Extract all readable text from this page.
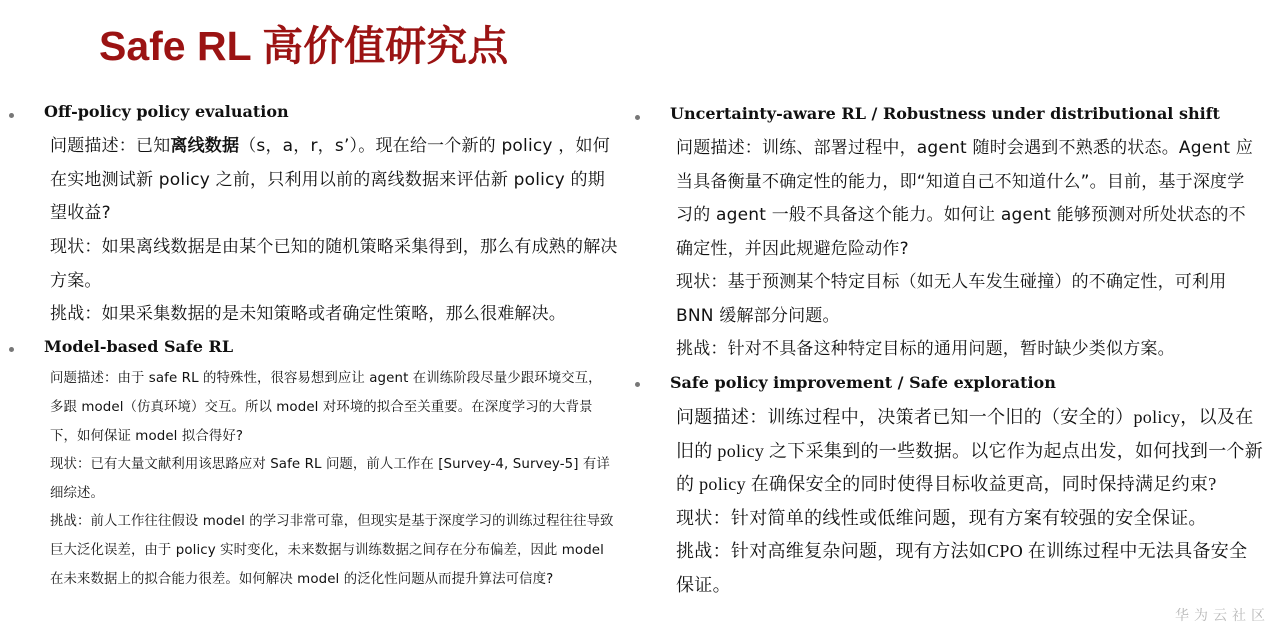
Safe RL 高价值研究点
Off-policy policy evaluation

问题描述：已知离线数据（s，a，r，s’）。现在给一个新的 policy ，如何在实地测试新 policy 之前，只利用以前的离线数据来评估新 policy 的期望收益?

现状：如果离线数据是由某个已知的随机策略采集得到，那么有成熟的解决方案。

挑战：如果采集数据的是未知策略或者确定性策略，那么很难解决。

Model-based Safe RL

问题描述：由于 safe RL 的特殊性，很容易想到应让 agent 在训练阶段尽量少跟环境交互，多跟 model（仿真环境）交互。所以 model 对环境的拟合至关重要。在深度学习的大背景下，如何保证 model 拟合得好?

现状：已有大量文献利用该思路应对 Safe RL 问题，前人工作在 [Survey-4, Survey-5] 有详细综述。

挑战：前人工作往往假设 model 的学习非常可靠，但现实是基于深度学习的训练过程往往导致巨大泛化误差，由于 policy 实时变化，未来数据与训练数据之间存在分布偏差，因此 model 在未来数据上的拟合能力很差。如何解决 model 的泛化性问题从而提升算法可信度?

Uncertainty-aware RL / Robustness under distributional shift

问题描述：训练、部署过程中，agent 随时会遇到不熟悉的状态。Agent 应当具备衡量不确定性的能力，即“知道自己不知道什么”。目前，基于深度学习的 agent 一般不具备这个能力。如何让 agent 能够预测对所处状态的不确定性，并因此规避危险动作?

现状：基于预测某个特定目标（如无人车发生碰撞）的不确定性，可利用 BNN 缓解部分问题。

挑战：针对不具备这种特定目标的通用问题，暂时缺少类似方案。

Safe policy improvement / Safe exploration

问题描述：训练过程中，决策者已知一个旧的（安全的）policy，以及在旧的 policy 之下采集到的一些数据。以它作为起点出发，如何找到一个新的 policy 在确保安全的同时使得目标收益更高，同时保持满足约束?

现状：针对简单的线性或低维问题，现有方案有较强的安全保证。

挑战：针对高维复杂问题，现有方法如CPO 在训练过程中无法具备安全保证。

华为云社区
